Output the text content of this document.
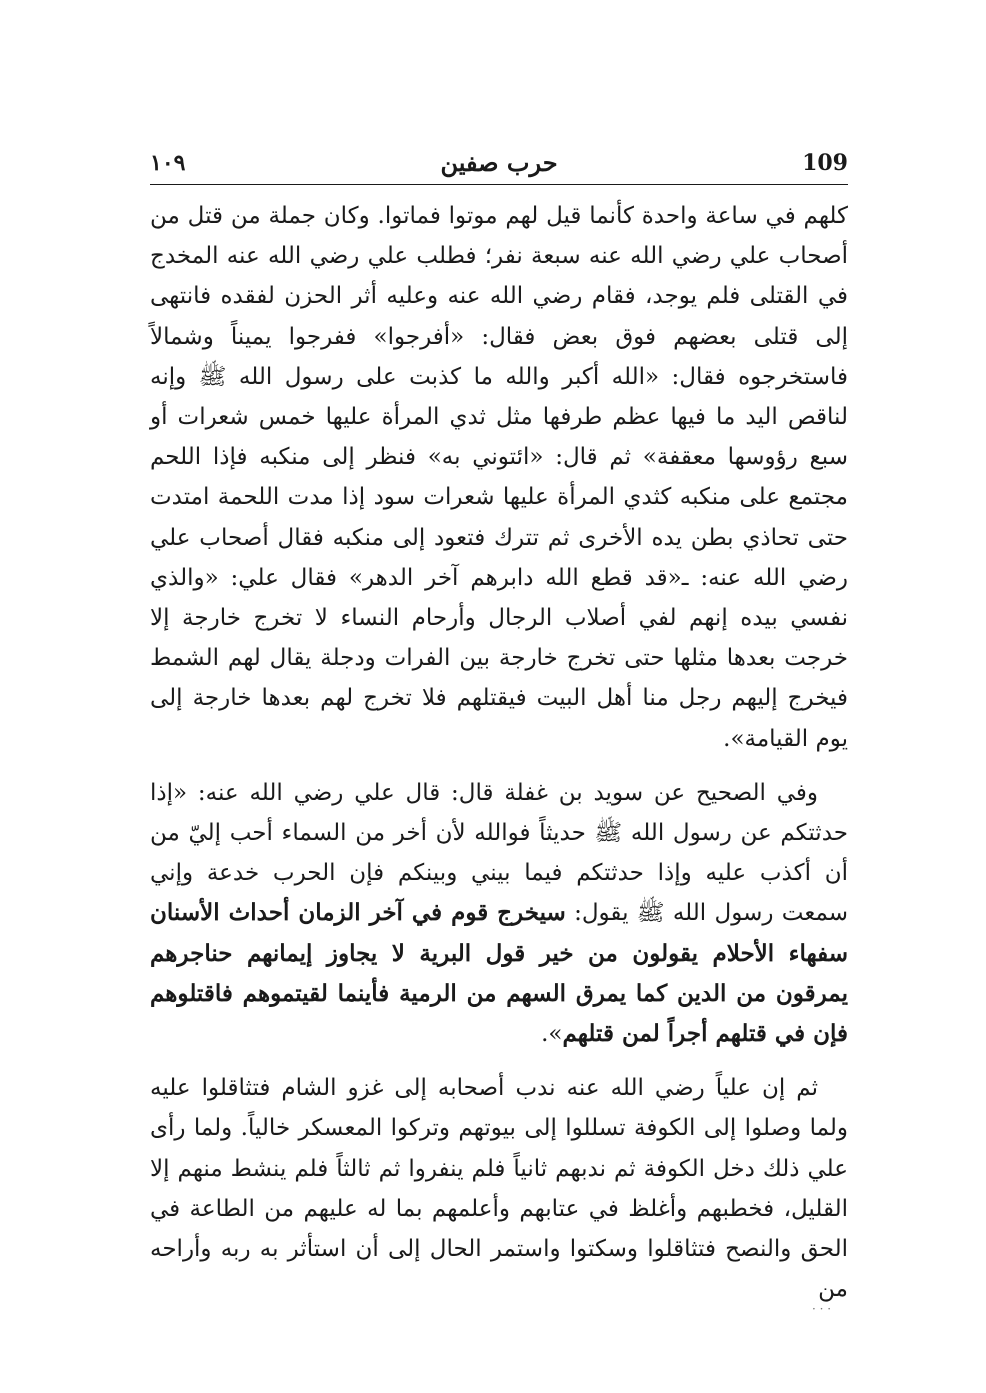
109
حرب صفين
١٠٩

كلهم في ساعة واحدة كأنما قيل لهم موتوا فماتوا. وكان جملة من قتل من أصحاب علي رضي الله عنه سبعة نفر؛ فطلب علي رضي الله عنه المخدج في القتلى فلم يوجد، فقام رضي الله عنه وعليه أثر الحزن لفقده فانتهى إلى قتلى بعضهم فوق بعض فقال: «أفرجوا» ففرجوا يميناً وشمالاً فاستخرجوه فقال: «الله أكبر والله ما كذبت على رسول الله ﷺ وإنه لناقص اليد ما فيها عظم طرفها مثل ثدي المرأة عليها خمس شعرات أو سبع رؤوسها معقفة» ثم قال: «ائتوني به» فنظر إلى منكبه فإذا اللحم مجتمع على منكبه كثدي المرأة عليها شعرات سود إذا مدت اللحمة امتدت حتى تحاذي بطن يده الأخرى ثم تترك فتعود إلى منكبه فقال أصحاب علي رضي الله عنه: ـ«قد قطع الله دابرهم آخر الدهر» فقال علي: «والذي نفسي بيده إنهم لفي أصلاب الرجال وأرحام النساء لا تخرج خارجة إلا خرجت بعدها مثلها حتى تخرج خارجة بين الفرات ودجلة يقال لهم الشمط فيخرج إليهم رجل منا أهل البيت فيقتلهم فلا تخرج لهم بعدها خارجة إلى يوم القيامة».

وفي الصحيح عن سويد بن غفلة قال: قال علي رضي الله عنه: «إذا حدثتكم عن رسول الله ﷺ حديثاً فوالله لأن أخر من السماء أحب إليّ من أن أكذب عليه وإذا حدثتكم فيما بيني وبينكم فإن الحرب خدعة وإني سمعت رسول الله ﷺ يقول: سيخرج قوم في آخر الزمان أحداث الأسنان سفهاء الأحلام يقولون من خير قول البرية لا يجاوز إيمانهم حناجرهم يمرقون من الدين كما يمرق السهم من الرمية فأينما لقيتموهم فاقتلوهم فإن في قتلهم أجراً لمن قتلهم».

ثم إن علياً رضي الله عنه ندب أصحابه إلى غزو الشام فتثاقلوا عليه ولما وصلوا إلى الكوفة تسللوا إلى بيوتهم وتركوا المعسكر خالياً. ولما رأى علي ذلك دخل الكوفة ثم ندبهم ثانياً فلم ينفروا ثم ثالثاً فلم ينشط منهم إلا القليل، فخطبهم وأغلظ في عتابهم وأعلمهم بما له عليهم من الطاعة في الحق والنصح فتثاقلوا وسكتوا واستمر الحال إلى أن استأثر به ربه وأراحه من

· · ·
